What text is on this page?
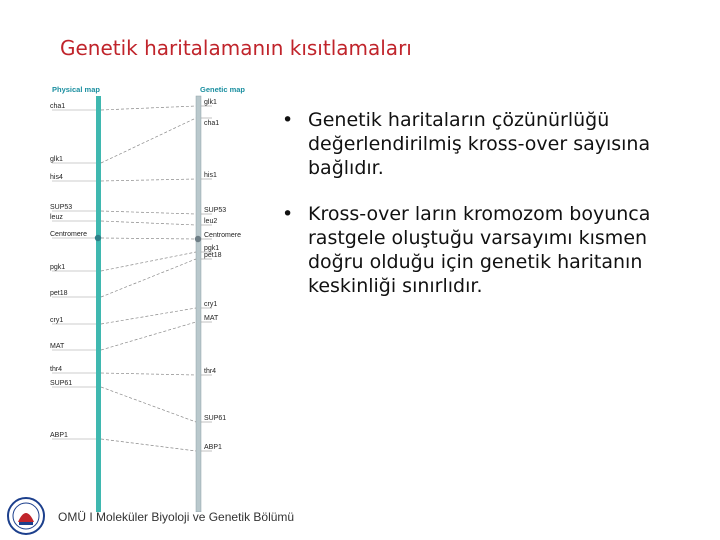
Genetik haritalamanın kısıtlamaları
Physical map	Genetic map
cha1
glk1
glk1
cha1
his4	his1
SUP53	SUP53
leuz
leu2
Centromere	Centromere
pgk1
pgk1
pet18
pet18
cry1
cry1
MAT
MAT
thr4	thr4
SUP61
SUP61
ABP1
ABP1
• Genetik haritaların çözünürlüğü değerlendirilmiş kross-over sayısına bağlıdır.
• Kross-over ların kromozom boyunca rastgele oluştuğu varsayımı kısmen doğru olduğu için genetik haritanın keskinliği sınırlıdır.
OMÜ I Moleküler Biyoloji ve Genetik Bölümü
